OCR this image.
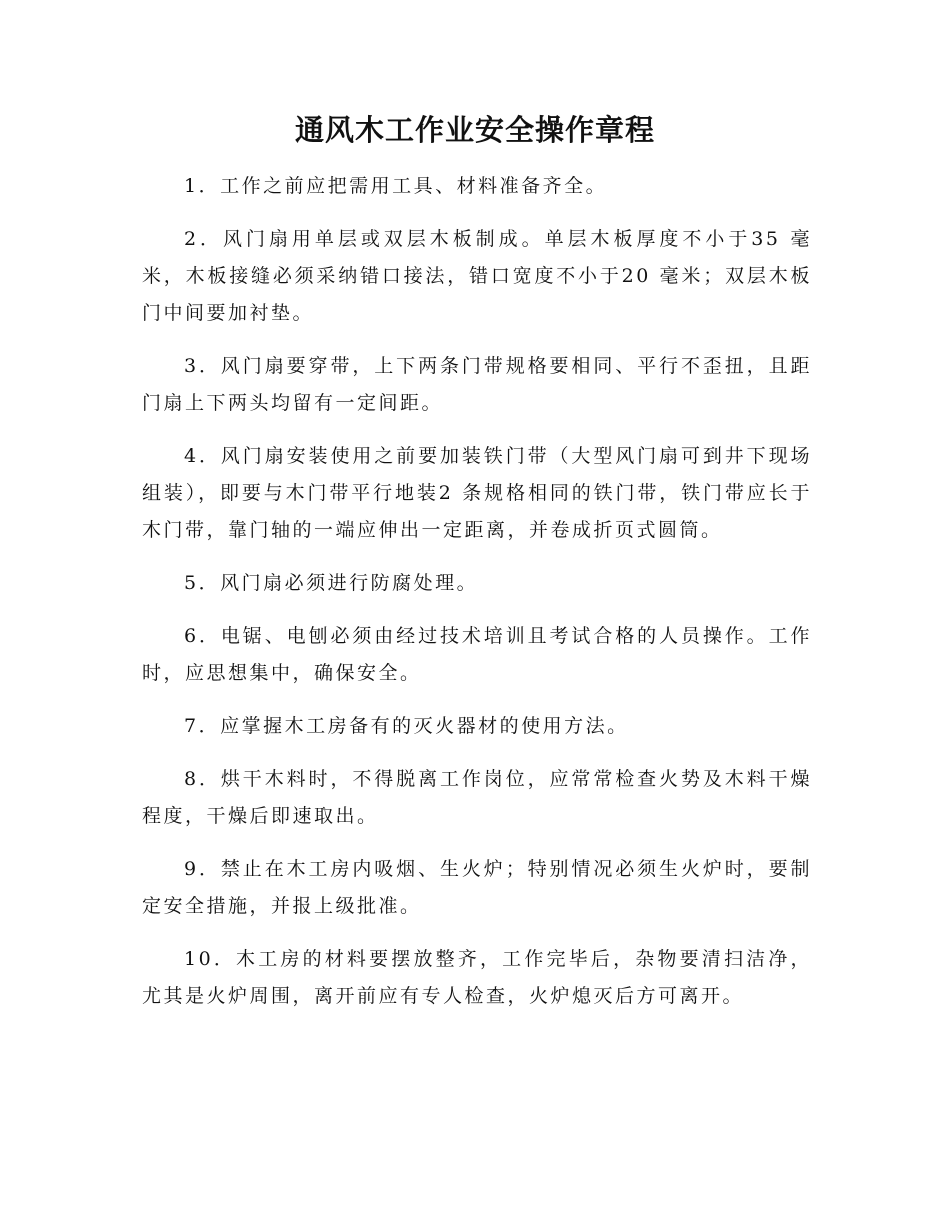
通风木工作业安全操作章程

1．工作之前应把需用工具、材料准备齐全。

2．风门扇用单层或双层木板制成。单层木板厚度不小于35 毫米，木板接缝必须采纳错口接法，错口宽度不小于20 毫米；双层木板门中间要加衬垫。

3．风门扇要穿带，上下两条门带规格要相同、平行不歪扭，且距门扇上下两头均留有一定间距。

4．风门扇安装使用之前要加装铁门带（大型风门扇可到井下现场组装），即要与木门带平行地装2 条规格相同的铁门带，铁门带应长于木门带，靠门轴的一端应伸出一定距离，并卷成折页式圆筒。

5．风门扇必须进行防腐处理。

6．电锯、电刨必须由经过技术培训且考试合格的人员操作。工作时，应思想集中，确保安全。

7．应掌握木工房备有的灭火器材的使用方法。

8．烘干木料时，不得脱离工作岗位，应常常检查火势及木料干燥程度，干燥后即速取出。

9．禁止在木工房内吸烟、生火炉；特别情况必须生火炉时，要制定安全措施，并报上级批准。

10．木工房的材料要摆放整齐，工作完毕后，杂物要清扫洁净，尤其是火炉周围，离开前应有专人检查，火炉熄灭后方可离开。
